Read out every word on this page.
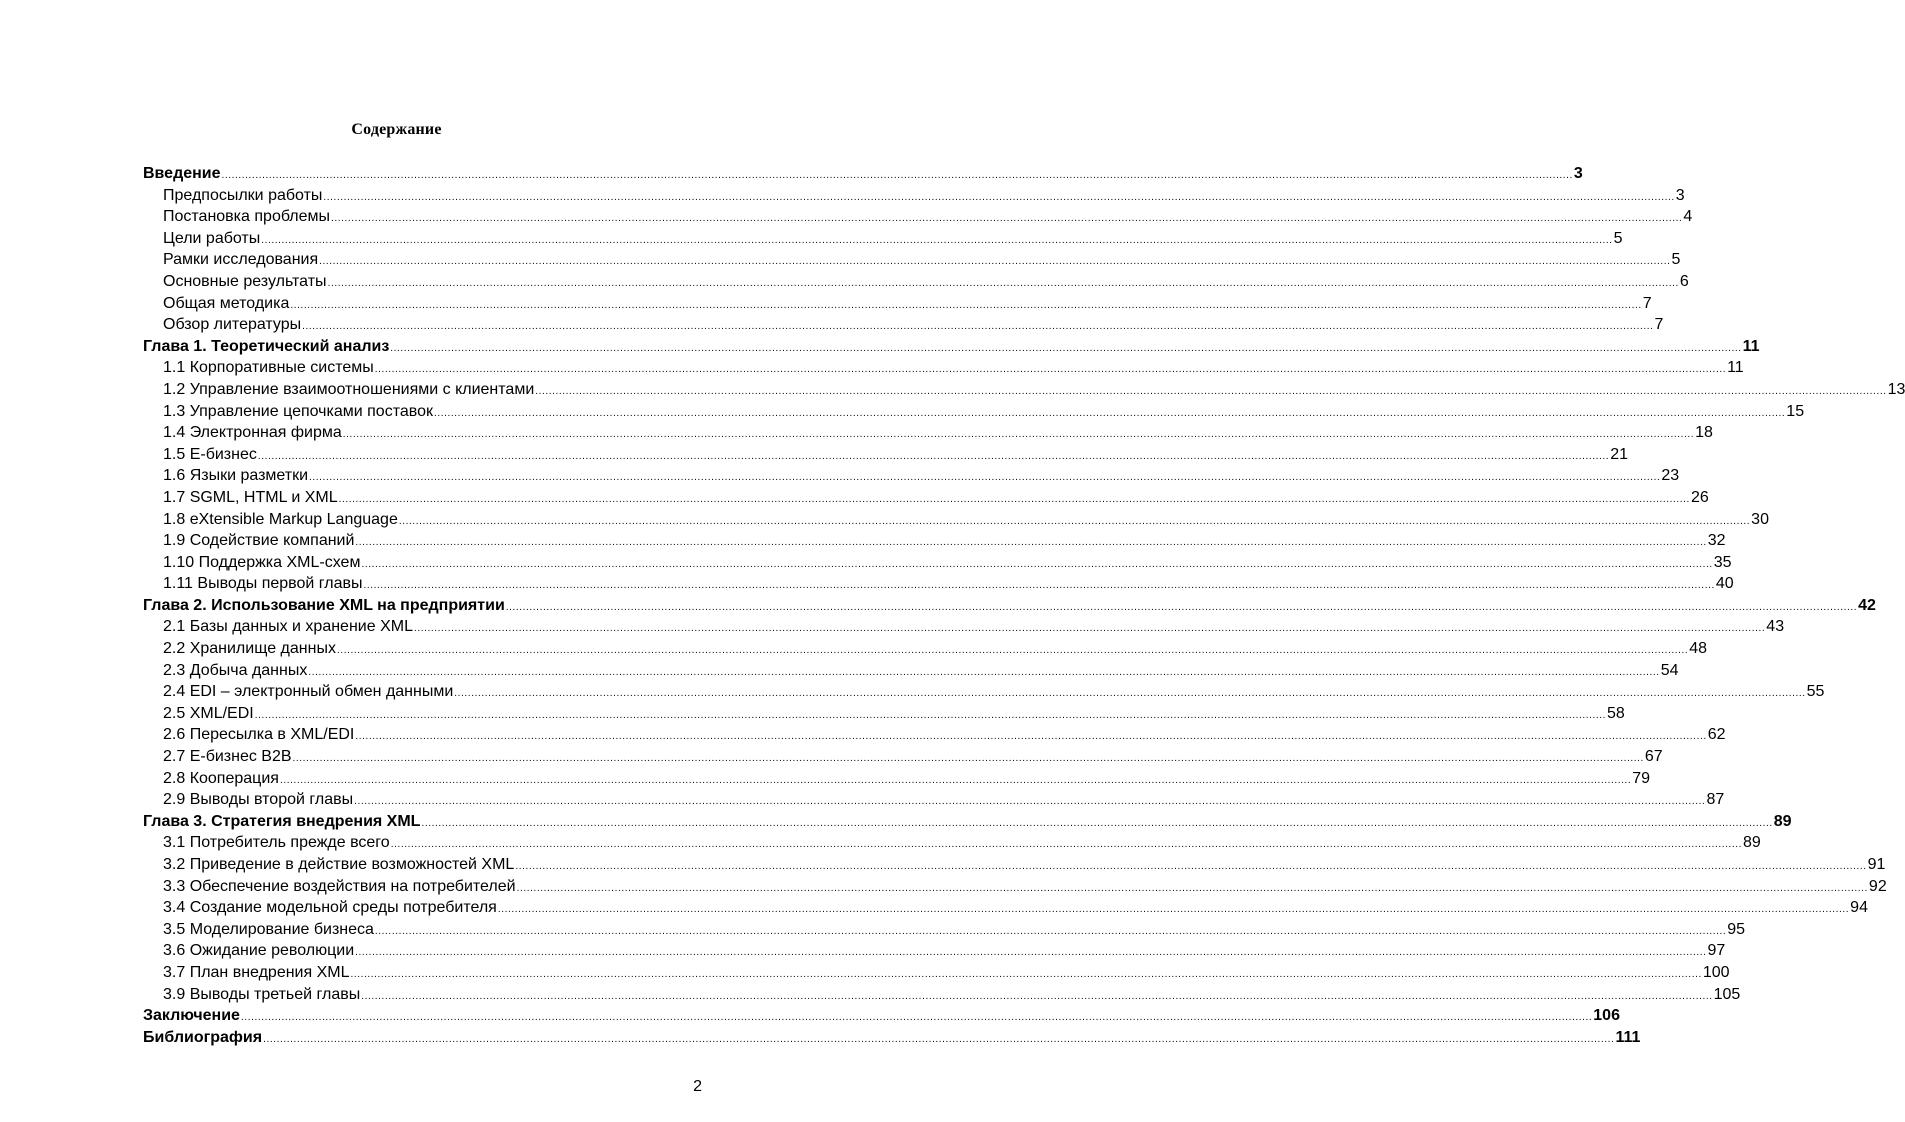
Содержание
Введение ................................................................................................................................................................................................................................................................................................................................................................................................................ 3
Предпосылки работы ................................................................................................................................................................................................................................................................................................................................................................................................................ 3
Постановка проблемы ................................................................................................................................................................................................................................................................................................................................................................................................................ 4
Цели работы ................................................................................................................................................................................................................................................................................................................................................................................................................ 5
Рамки исследования ................................................................................................................................................................................................................................................................................................................................................................................................................ 5
Основные результаты ................................................................................................................................................................................................................................................................................................................................................................................................................ 6
Общая методика ................................................................................................................................................................................................................................................................................................................................................................................................................ 7
Обзор литературы ................................................................................................................................................................................................................................................................................................................................................................................................................ 7
Глава 1. Теоретический анализ ................................................................................................................................................................................................................................................................................................................................................................................................................ 11
1.1 Корпоративные системы ................................................................................................................................................................................................................................................................................................................................................................................................................ 11
1.2 Управление взаимоотношениями с клиентами ................................................................................................................................................................................................................................................................................................................................................................................................................ 13
1.3 Управление цепочками поставок ................................................................................................................................................................................................................................................................................................................................................................................................................ 15
1.4 Электронная фирма ................................................................................................................................................................................................................................................................................................................................................................................................................ 18
1.5 Е-бизнес ................................................................................................................................................................................................................................................................................................................................................................................................................ 21
1.6 Языки разметки ................................................................................................................................................................................................................................................................................................................................................................................................................ 23
1.7 SGML, HTML и XML ................................................................................................................................................................................................................................................................................................................................................................................................................ 26
1.8 eXtensible Markup Language ................................................................................................................................................................................................................................................................................................................................................................................................................ 30
1.9 Содействие компаний ................................................................................................................................................................................................................................................................................................................................................................................................................ 32
1.10 Поддержка XML-схем ................................................................................................................................................................................................................................................................................................................................................................................................................ 35
1.11 Выводы первой главы ................................................................................................................................................................................................................................................................................................................................................................................................................ 40
Глава 2. Использование XML на предприятии ................................................................................................................................................................................................................................................................................................................................................................................................................ 42
2.1 Базы данных и хранение XML ................................................................................................................................................................................................................................................................................................................................................................................................................ 43
2.2 Хранилище данных ................................................................................................................................................................................................................................................................................................................................................................................................................ 48
2.3 Добыча данных ................................................................................................................................................................................................................................................................................................................................................................................................................ 54
2.4 EDI – электронный обмен данными ................................................................................................................................................................................................................................................................................................................................................................................................................ 55
2.5 XML/EDI ................................................................................................................................................................................................................................................................................................................................................................................................................ 58
2.6 Пересылка в XML/EDI ................................................................................................................................................................................................................................................................................................................................................................................................................ 62
2.7 Е-бизнес B2B ................................................................................................................................................................................................................................................................................................................................................................................................................ 67
2.8 Кооперация ................................................................................................................................................................................................................................................................................................................................................................................................................ 79
2.9 Выводы второй главы ................................................................................................................................................................................................................................................................................................................................................................................................................ 87
Глава 3. Стратегия внедрения XML ................................................................................................................................................................................................................................................................................................................................................................................................................ 89
3.1 Потребитель прежде всего ................................................................................................................................................................................................................................................................................................................................................................................................................ 89
3.2 Приведение в действие возможностей XML ................................................................................................................................................................................................................................................................................................................................................................................................................ 91
3.3 Обеспечение воздействия на потребителей ................................................................................................................................................................................................................................................................................................................................................................................................................ 92
3.4 Создание модельной среды потребителя ................................................................................................................................................................................................................................................................................................................................................................................................................ 94
3.5 Моделирование бизнеса ................................................................................................................................................................................................................................................................................................................................................................................................................ 95
3.6 Ожидание революции ................................................................................................................................................................................................................................................................................................................................................................................................................ 97
3.7 План внедрения XML ................................................................................................................................................................................................................................................................................................................................................................................................................ 100
3.9 Выводы третьей главы ................................................................................................................................................................................................................................................................................................................................................................................................................ 105
Заключение ................................................................................................................................................................................................................................................................................................................................................................................................................ 106
Библиография ................................................................................................................................................................................................................................................................................................................................................................................................................ 111
2
